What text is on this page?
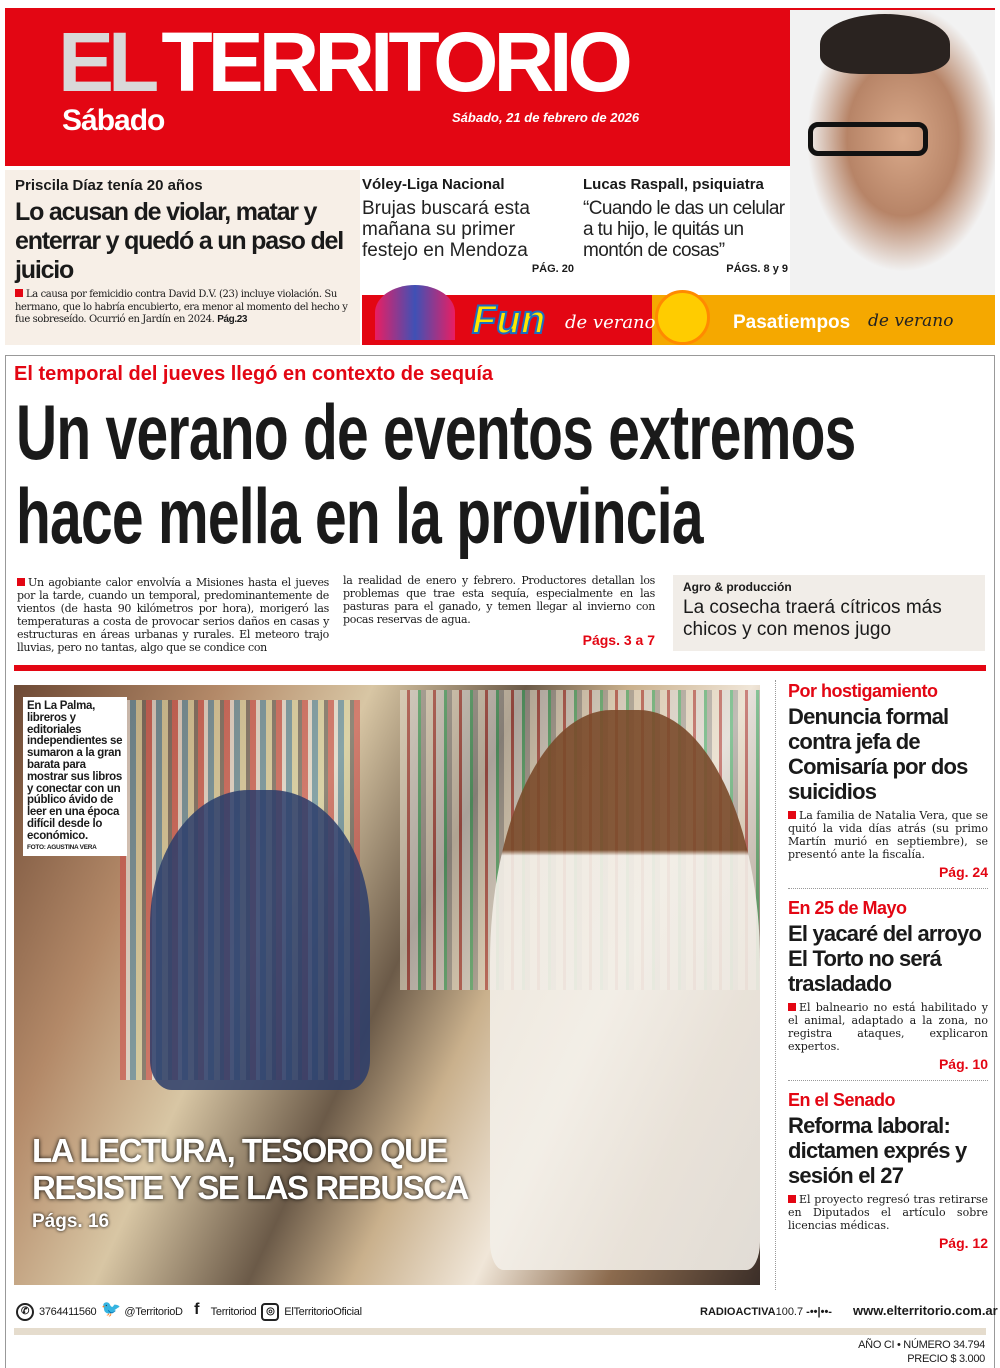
EL TERRITORIO
Sábado	Sábado, 21 de febrero de 2026
Priscila Díaz tenía 20 años
Lo acusan de violar, matar y enterrar y quedó a un paso del juicio
La causa por femicidio contra David D.V. (23) incluye violación. Su hermano, que lo habría encubierto, era menor al momento del hecho y fue sobreseído. Ocurrió en Jardín en 2024. Pág.23
Vóley-Liga Nacional
Brujas buscará esta mañana su primer festejo en Mendoza
PÁG. 20
Lucas Raspall, psiquiatra
“Cuando le das un celular a tu hijo, le quitás un montón de cosas”
PÁGS. 8 y 9
Fun de verano	Pasatiempos de verano
El temporal del jueves llegó en contexto de sequía
Un verano de eventos extremos
hace mella en la provincia
Un agobiante calor envolvía a Misiones hasta el jueves por la tarde, cuando un temporal, predominantemente de vientos (de hasta 90 kilómetros por hora), morigeró las temperaturas a costa de provocar serios daños en casas y estructuras en áreas urbanas y rurales. El meteoro trajo lluvias, pero no tantas, algo que se condice con
la realidad de enero y febrero. Productores detallan los problemas que trae esta sequía, especialmente en las pasturas para el ganado, y temen llegar al invierno con pocas reservas de agua.
Págs. 3 a 7
Agro & producción
La cosecha traerá cítricos más chicos y con menos jugo
En La Palma, libreros y editoriales independientes se sumaron a la gran barata para mostrar sus libros y conectar con un público ávido de leer en una época difícil desde lo económico.
FOTO: AGUSTINA VERA
LA LECTURA, TESORO QUE RESISTE Y SE LAS REBUSCA
Págs. 16
Por hostigamiento
Denuncia formal contra jefa de Comisaría por dos suicidios
La familia de Natalia Vera, que se quitó la vida días atrás (su primo Martín murió en septiembre), se presentó ante la fiscalía.
Pág. 24
En 25 de Mayo
El yacaré del arroyo El Torto no será trasladado
El balneario no está habilitado y el animal, adaptado a la zona, no registra ataques, explicaron expertos.
Pág. 10
En el Senado
Reforma laboral: dictamen exprés y sesión el 27
El proyecto regresó tras retirarse en Diputados el artículo sobre licencias médicas.
Pág. 12
✆ 3764411560 🐦 @TerritorioD f	Territoriod ◎ ElTerritorioOficial	RADIOACTIVA100.7 -••|••- www.elterritorio.com.ar
AÑO CI • NÚMERO 34.794
PRECIO $ 3.000
